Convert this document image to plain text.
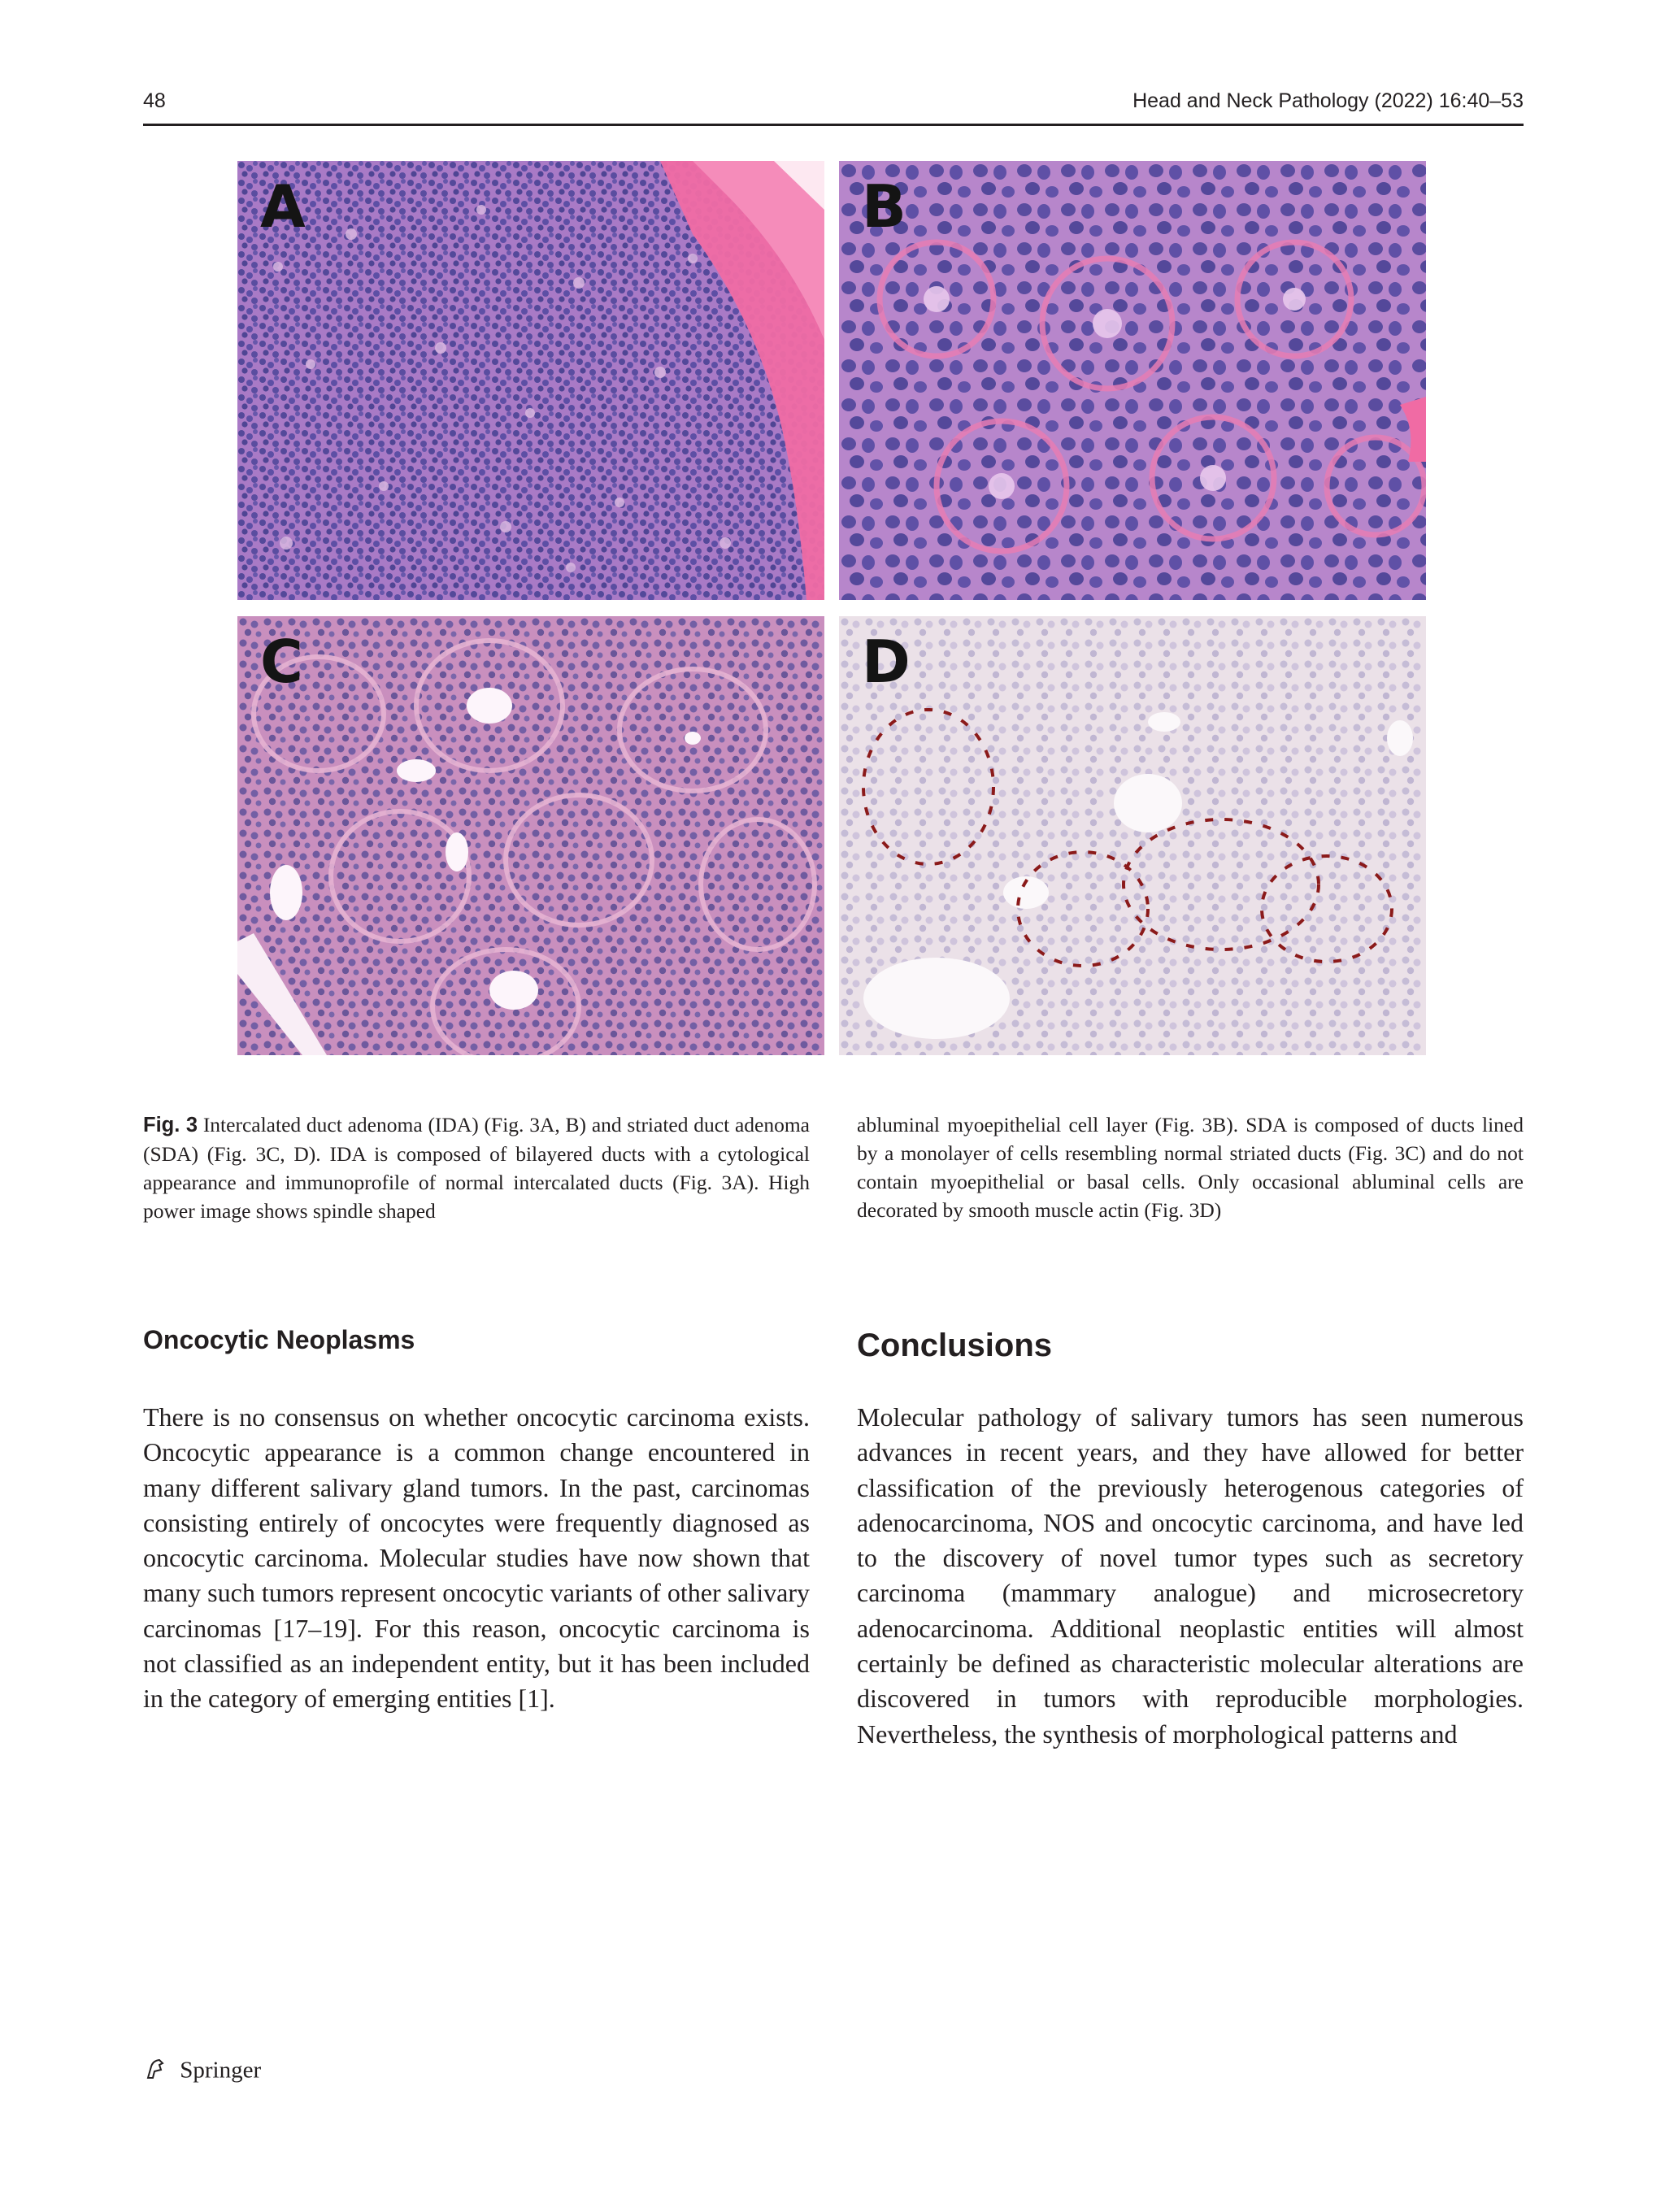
48	Head and Neck Pathology (2022) 16:40–53
A	B
C	D
Fig. 3 Intercalated duct adenoma (IDA) (Fig. 3A, B) and striated duct adenoma (SDA) (Fig. 3C, D). IDA is composed of bilayered ducts with a cytological appearance and immunoprofile of normal intercalated ducts (Fig. 3A). High power image shows spindle shaped
abluminal myoepithelial cell layer (Fig. 3B). SDA is composed of ducts lined by a monolayer of cells resembling normal striated ducts (Fig. 3C) and do not contain myoepithelial or basal cells. Only occasional abluminal cells are decorated by smooth muscle actin (Fig. 3D)
Oncocytic Neoplasms	Conclusions
There is no consensus on whether oncocytic carcinoma exists. Oncocytic appearance is a common change encountered in many different salivary gland tumors. In the past, carcinomas consisting entirely of oncocytes were frequently diagnosed as oncocytic carcinoma. Molecular studies have now shown that many such tumors represent oncocytic variants of other salivary carcinomas [17–19]. For this reason, oncocytic carcinoma is not classified as an independent entity, but it has been included in the category of emerging entities [1].
Molecular pathology of salivary tumors has seen numerous advances in recent years, and they have allowed for better classification of the previously heterogenous categories of adenocarcinoma, NOS and oncocytic carcinoma, and have led to the discovery of novel tumor types such as secretory carcinoma (mammary analogue) and microsecretory adenocarcinoma. Additional neoplastic entities will almost certainly be defined as characteristic molecular alterations are discovered in tumors with reproducible morphologies. Nevertheless, the synthesis of morphological patterns and
Springer
